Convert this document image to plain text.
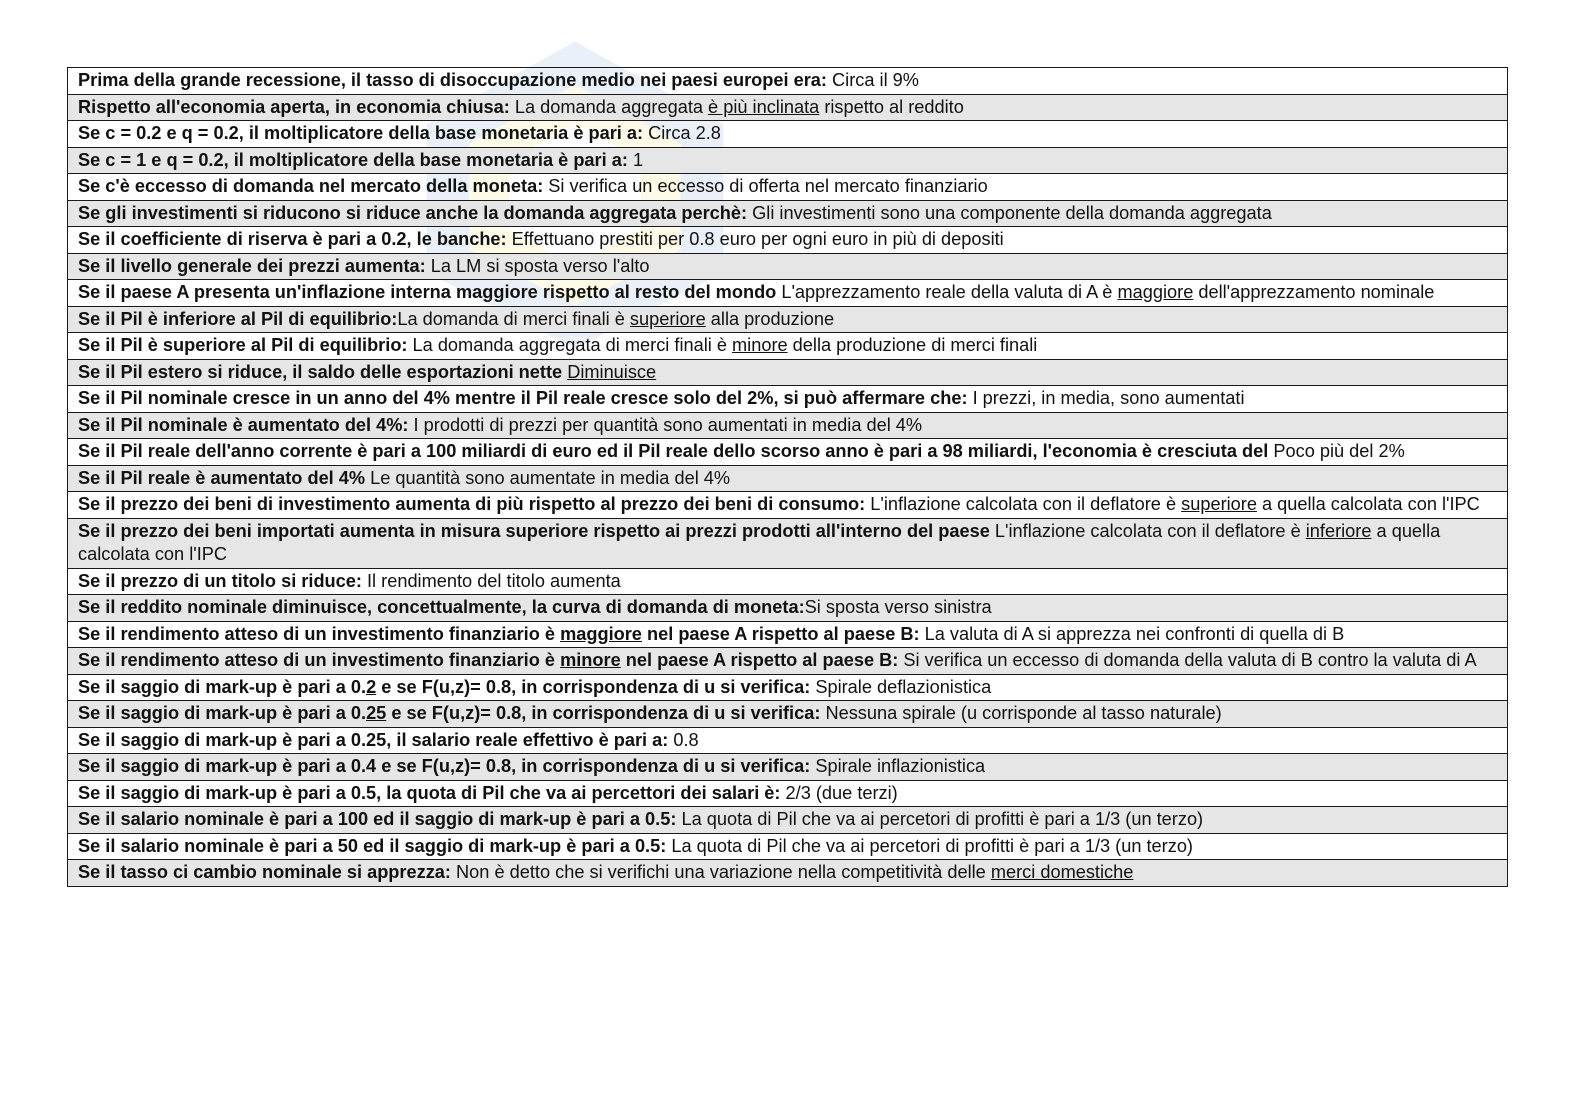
Prima della grande recessione, il tasso di disoccupazione medio nei paesi europei era: Circa il 9%
Rispetto all'economia aperta, in economia chiusa: La domanda aggregata è più inclinata rispetto al reddito
Se c = 0.2 e q = 0.2, il moltiplicatore della base monetaria è pari a: Circa 2.8
Se c = 1 e q = 0.2, il moltiplicatore della base monetaria è pari a: 1
Se c'è eccesso di domanda nel mercato della moneta: Si verifica un eccesso di offerta nel mercato finanziario
Se gli investimenti si riducono si riduce anche la domanda aggregata perchè: Gli investimenti sono una componente della domanda aggregata
Se il coefficiente di riserva è pari a 0.2, le banche: Effettuano prestiti per 0.8 euro per ogni euro in più di depositi
Se il livello generale dei prezzi aumenta: La LM si sposta verso l'alto
Se il paese A presenta un'inflazione interna maggiore rispetto al resto del mondo L'apprezzamento reale della valuta di A è maggiore dell'apprezzamento nominale
Se il Pil è inferiore al Pil di equilibrio:La domanda di merci finali è superiore alla produzione
Se il Pil è superiore al Pil di equilibrio: La domanda aggregata di merci finali è minore della produzione di merci finali
Se il Pil estero si riduce, il saldo delle esportazioni nette Diminuisce
Se il Pil nominale cresce in un anno del 4% mentre il Pil reale cresce solo del 2%, si può affermare che: I prezzi, in media, sono aumentati
Se il Pil nominale è aumentato del 4%: I prodotti di prezzi per quantità sono aumentati in media del 4%
Se il Pil reale dell'anno corrente è pari a 100 miliardi di euro ed il Pil reale dello scorso anno è pari a 98 miliardi, l'economia è cresciuta del Poco più del 2%
Se il Pil reale è aumentato del 4% Le quantità sono aumentate in media del 4%
Se il prezzo dei beni di investimento aumenta di più rispetto al prezzo dei beni di consumo: L'inflazione calcolata con il deflatore è superiore a quella calcolata con l'IPC
Se il prezzo dei beni importati aumenta in misura superiore rispetto ai prezzi prodotti all'interno del paese L'inflazione calcolata con il deflatore è inferiore a quella
calcolata con l'IPC
Se il prezzo di un titolo si riduce: Il rendimento del titolo aumenta
Se il reddito nominale diminuisce, concettualmente, la curva di domanda di moneta:Si sposta verso sinistra
Se il rendimento atteso di un investimento finanziario è maggiore nel paese A rispetto al paese B: La valuta di A si apprezza nei confronti di quella di B
Se il rendimento atteso di un investimento finanziario è minore nel paese A rispetto al paese B: Si verifica un eccesso di domanda della valuta di B contro la valuta di A
Se il saggio di mark-up è pari a 0.2 e se F(u,z)= 0.8, in corrispondenza di u si verifica: Spirale deflazionistica
Se il saggio di mark-up è pari a 0.25 e se F(u,z)= 0.8, in corrispondenza di u si verifica: Nessuna spirale (u corrisponde al tasso naturale)
Se il saggio di mark-up è pari a 0.25, il salario reale effettivo è pari a: 0.8
Se il saggio di mark-up è pari a 0.4 e se F(u,z)= 0.8, in corrispondenza di u si verifica: Spirale inflazionistica
Se il saggio di mark-up è pari a 0.5, la quota di Pil che va ai percettori dei salari è: 2/3 (due terzi)
Se il salario nominale è pari a 100 ed il saggio di mark-up è pari a 0.5: La quota di Pil che va ai percetori di profitti è pari a 1/3 (un terzo)
Se il salario nominale è pari a 50 ed il saggio di mark-up è pari a 0.5: La quota di Pil che va ai percetori di profitti è pari a 1/3 (un terzo)
Se il tasso ci cambio nominale si apprezza: Non è detto che si verifichi una variazione nella competitività delle merci domestiche
